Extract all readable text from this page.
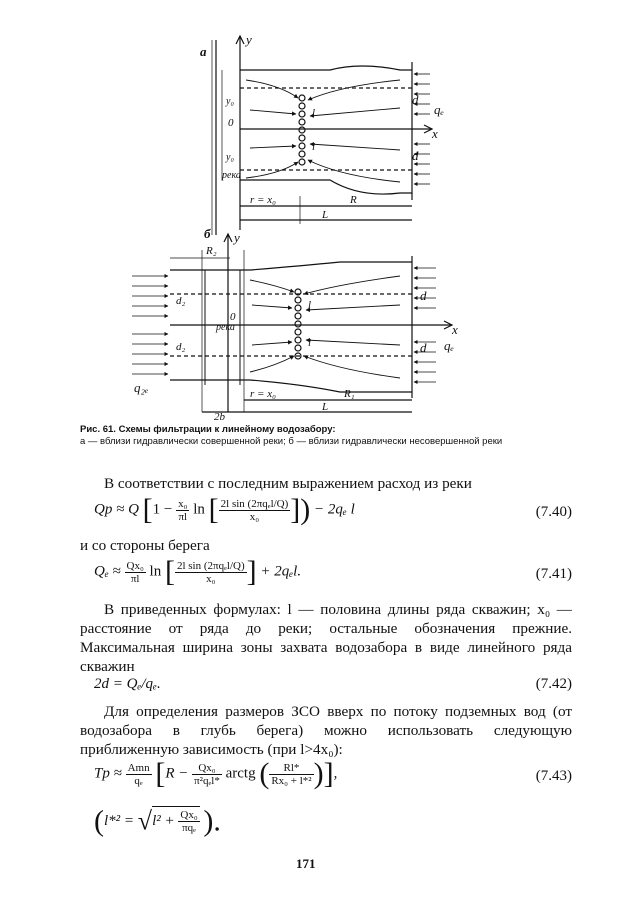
а
y
x
d
d
qₑ
l
l
0
y₀
y₀
река
r = x₀	R
L
б y
x
R₂
d₂
d₂
река
0
d
d qₑ
q₂ₑ
l
l
r = x₀	R₁
L
2b
Рис. 61. Схемы фильтрации к линейному водозабору:
а — вблизи гидравлически совершенной реки; б — вблизи гидравлически несовершенной реки
В соответствии с последним выражением расход из реки
Qр ≈ Q [$1 - \frac{\text{x₀}}{\pi l}$ ln [ $\frac{\text{2l sin (2πqₑl/Q)}}{\text{x₀}}$ ]) − 2qₑ l	(7.40)
и со стороны берега
$Q_e \approx \frac{\text{Qx₀}}{\pi l}$ ln [ $\frac{\text{2l sin (2πqₑl/Q)}}{\text{x₀}}$ ] + 2qₑl.	(7.41)
В приведенных формулах: l — половина длины ряда скважин; x₀ — расстояние от ряда до реки; остальные обозначения прежние. Максимальная ширина зоны захвата водозабора в виде линейного ряда скважин
2d = Qₑ/qₑ.	(7.42)
Для определения размеров ЗСО вверх по потоку подземных вод (от водозабора в глубь берега) можно использовать следующую приближенную зависимость (при l>4x₀):
Tр ≈ $\frac{\text{Amn}}{\text{qₑ}} [R - \frac{\text{Qx₀}}{\text{π²qₑl*}}$ arctg ( $\frac{Rl*}{\text{Rx₀ + l*²}}$ )],	(7.43)
($l*^2 = √l^2 + \frac{\text{Qx₀}}{\text{πqₑ}}$ ).
171
